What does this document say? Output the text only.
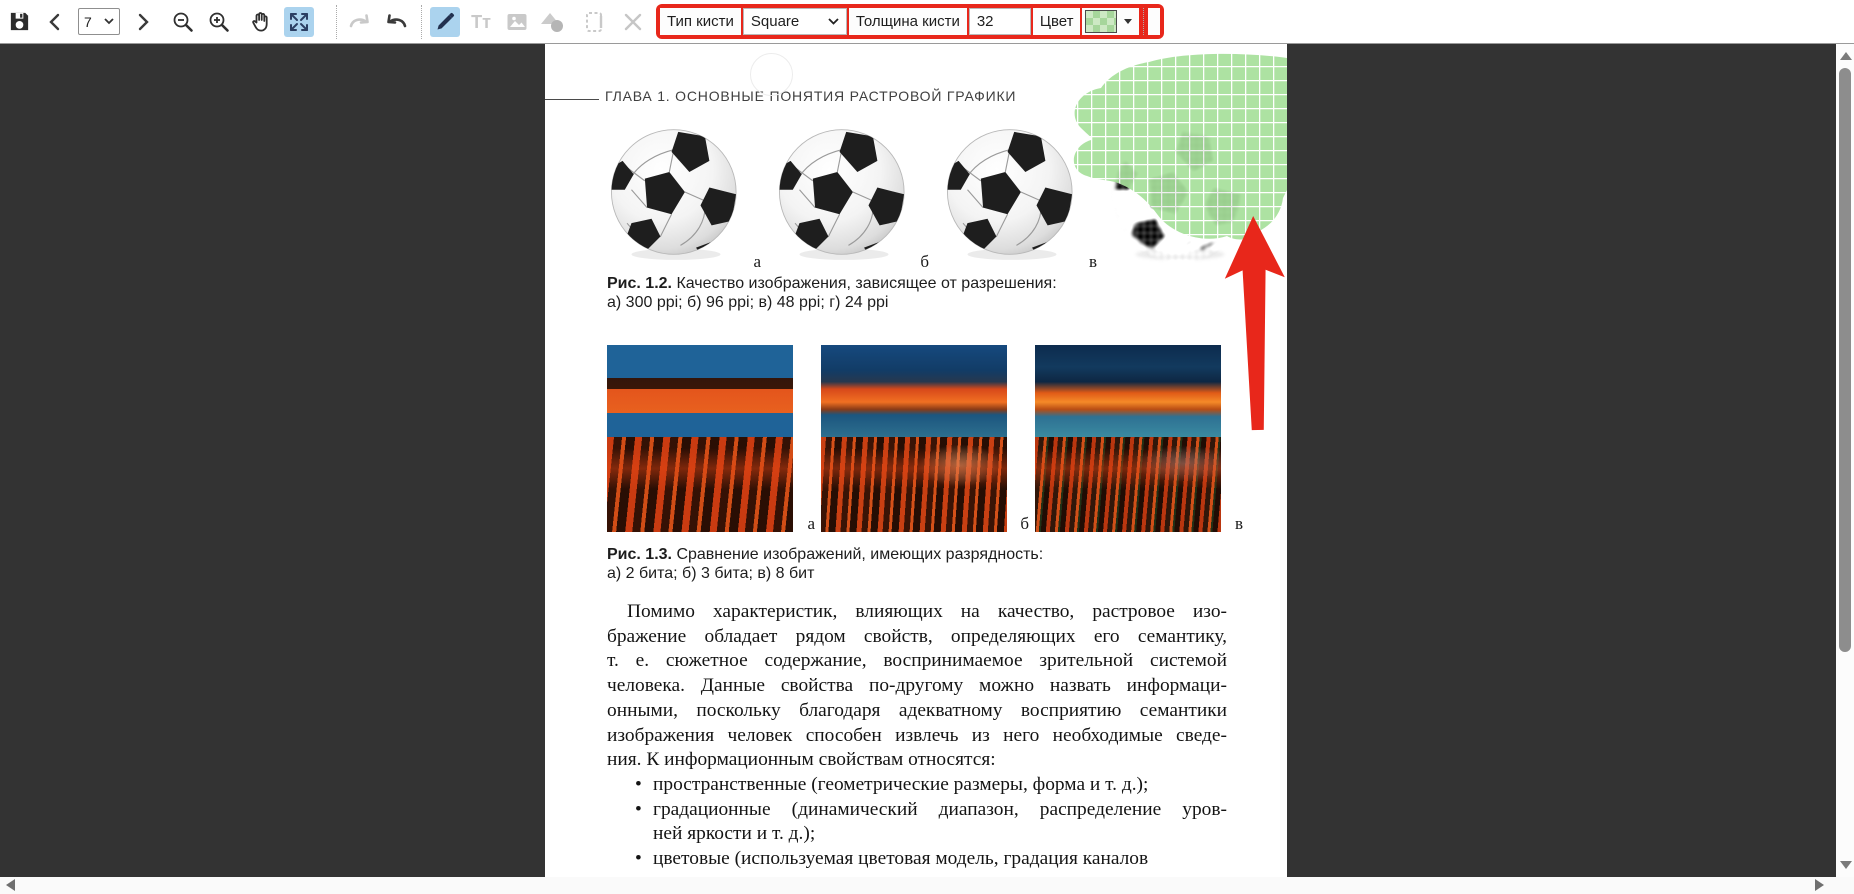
7	Tт	Тип кисти	Square	Толщина кисти
32	Цвет
ГЛАВА 1. ОСНОВНЫЕ ПОНЯТИЯ РАСТРОВОЙ ГРАФИКИ
а	б	в
Рис. 1.2. Качество изображения, зависящее от разрешения:
а) 300 ppi; б) 96 ppi; в) 48 ppi; г) 24 ppi
а	б	в
Рис. 1.3. Сравнение изображений, имеющих разрядность:
а) 2 бита; б) 3 бита; в) 8 бит
Помимо характеристик, влияющих на качество, растровое изо-
бражение обладает рядом свойств, определяющих его семантику,
т. е. сюжетное содержание, воспринимаемое зрительной системой
человека. Данные свойства по-другому можно назвать информаци-
онными, поскольку благодаря адекватному восприятию семантики
изображения человек способен извлечь из него необходимые сведе-
ния. К информационным свойствам относятся:
• пространственные (геометрические размеры, форма и т. д.);
• градационные (динамический диапазон, распределение уров-
ней яркости и т. д.);
• цветовые (используемая цветовая модель, градация каналов
